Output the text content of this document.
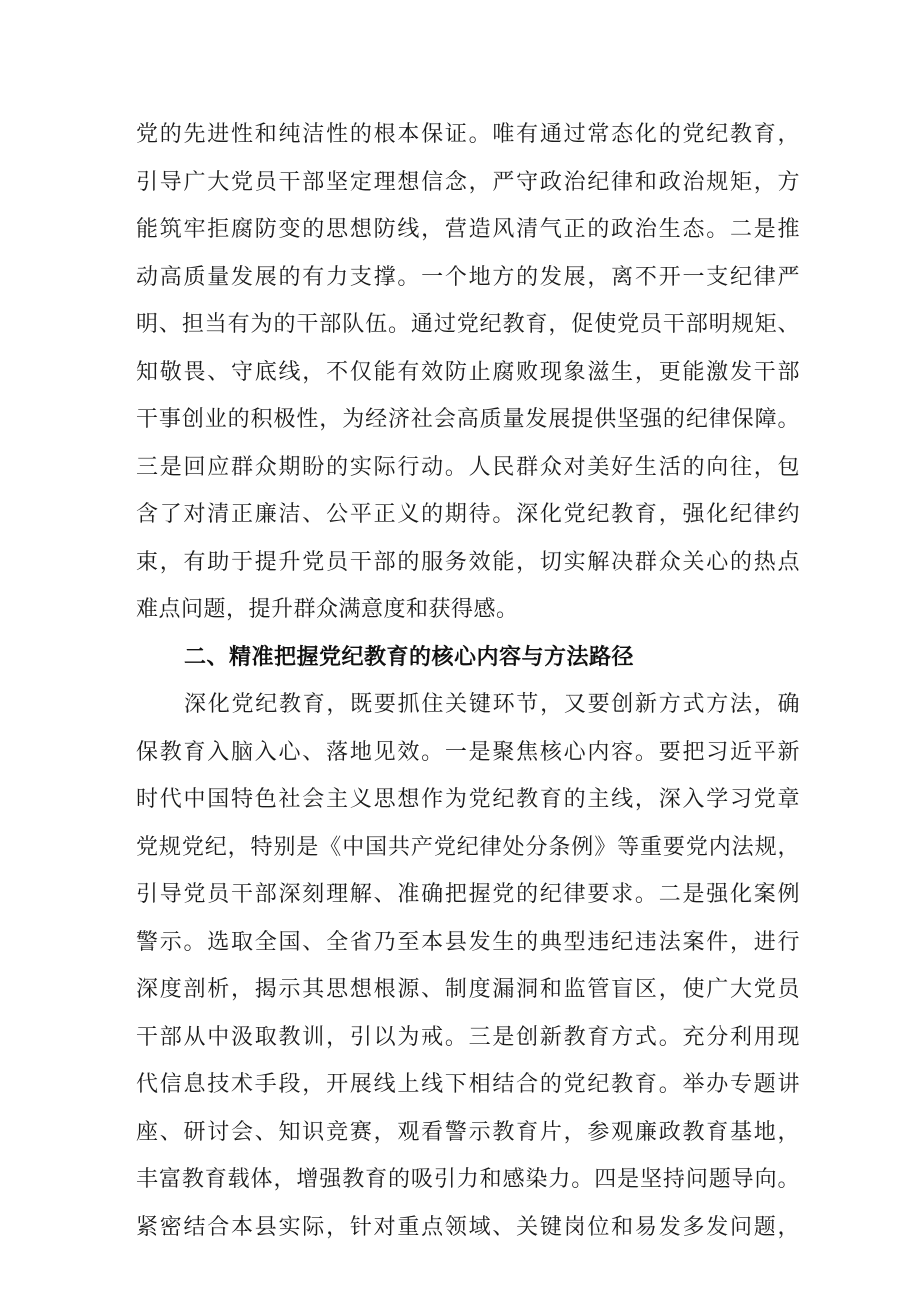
党的先进性和纯洁性的根本保证。唯有通过常态化的党纪教育，
引导广大党员干部坚定理想信念，严守政治纪律和政治规矩，方
能筑牢拒腐防变的思想防线，营造风清气正的政治生态。二是推
动高质量发展的有力支撑。一个地方的发展，离不开一支纪律严
明、担当有为的干部队伍。通过党纪教育，促使党员干部明规矩、
知敬畏、守底线，不仅能有效防止腐败现象滋生，更能激发干部
干事创业的积极性，为经济社会高质量发展提供坚强的纪律保障。
三是回应群众期盼的实际行动。人民群众对美好生活的向往，包
含了对清正廉洁、公平正义的期待。深化党纪教育，强化纪律约
束，有助于提升党员干部的服务效能，切实解决群众关心的热点
难点问题，提升群众满意度和获得感。
二、精准把握党纪教育的核心内容与方法路径
深化党纪教育，既要抓住关键环节，又要创新方式方法，确
保教育入脑入心、落地见效。一是聚焦核心内容。要把习近平新
时代中国特色社会主义思想作为党纪教育的主线，深入学习党章
党规党纪，特别是《中国共产党纪律处分条例》等重要党内法规，
引导党员干部深刻理解、准确把握党的纪律要求。二是强化案例
警示。选取全国、全省乃至本县发生的典型违纪违法案件，进行
深度剖析，揭示其思想根源、制度漏洞和监管盲区，使广大党员
干部从中汲取教训，引以为戒。三是创新教育方式。充分利用现
代信息技术手段，开展线上线下相结合的党纪教育。举办专题讲
座、研讨会、知识竞赛，观看警示教育片，参观廉政教育基地，
丰富教育载体，增强教育的吸引力和感染力。四是坚持问题导向。
紧密结合本县实际，针对重点领域、关键岗位和易发多发问题，
